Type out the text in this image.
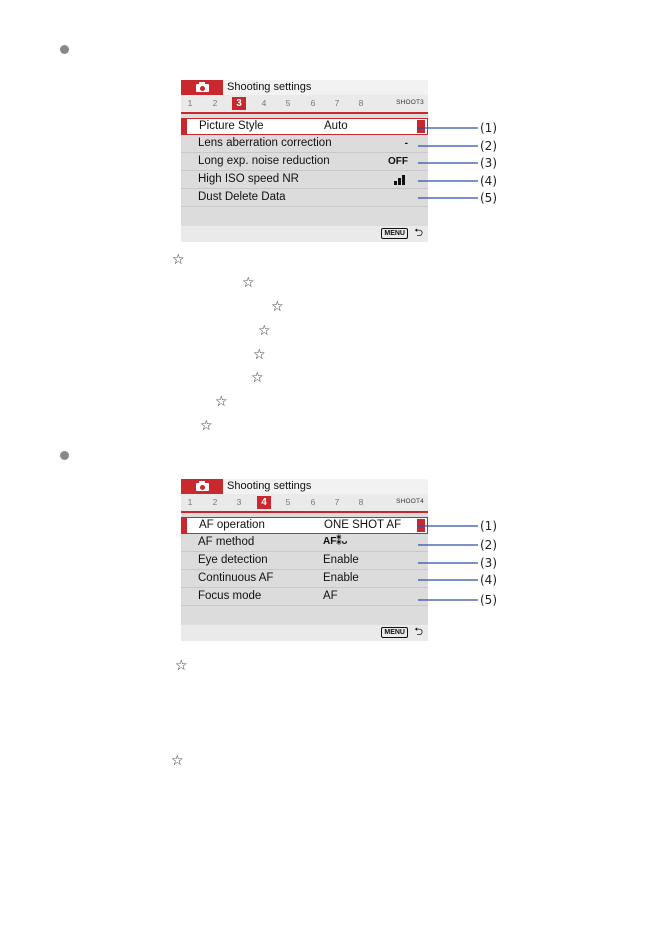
Shooting settings
1	2	3	4	5	6	7	8	SHOOT3
Picture Style	Auto
Lens aberration correction	-
Long exp. noise reduction	OFF
High ISO speed NR
Dust Delete Data
MENU ⮌
Shooting settings
1	2	3	4	5	6	7	8	SHOOT4
AF operation	ONE SHOT AF
AF method	AF⁑ᴗ
Eye detection	Enable
Continuous AF	Enable
Focus mode	AF
MENU ⮌
(1)
(2)
(3)
(4)
(5)
(1)
(2)
(3)
(4)
(5)
☆
☆
☆
☆
☆
☆
☆
☆
☆
☆
